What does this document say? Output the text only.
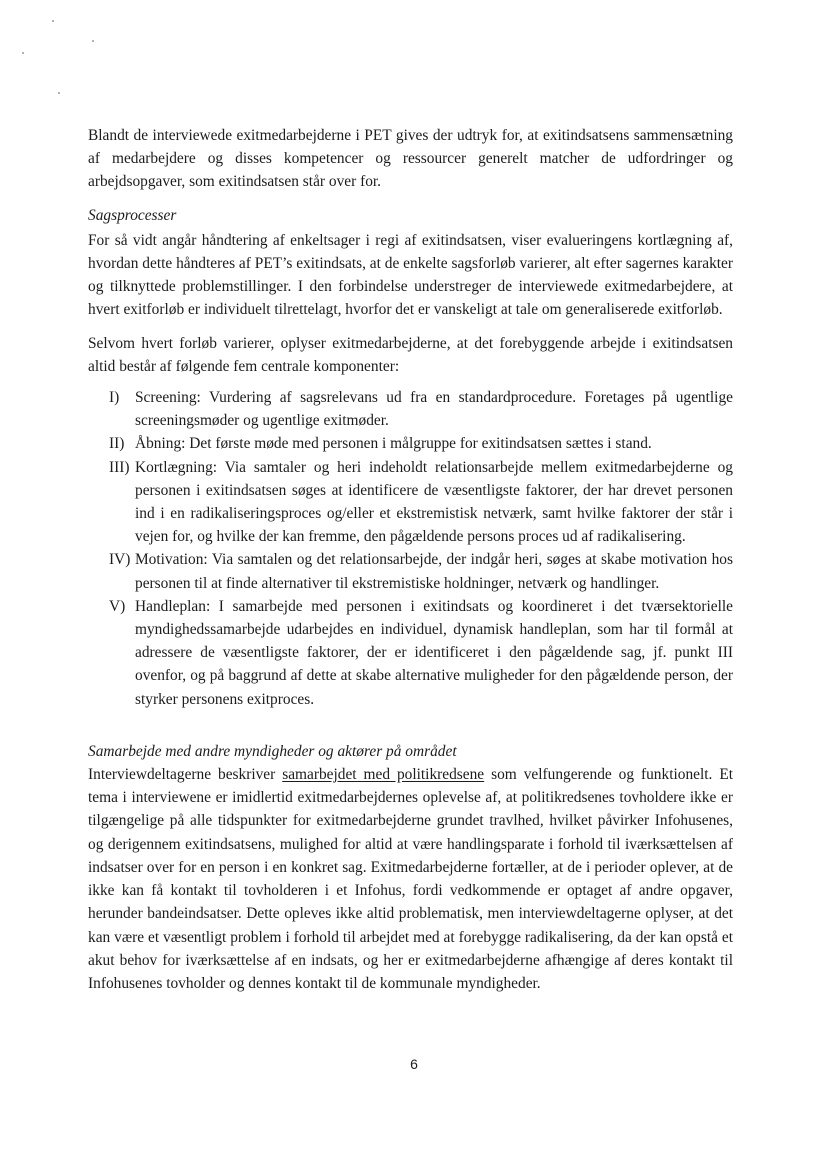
Blandt de interviewede exitmedarbejderne i PET gives der udtryk for, at exitindsatsens sammensætning af medarbejdere og disses kompetencer og ressourcer generelt matcher de udfordringer og arbejdsopgaver, som exitindsatsen står over for.

Sagsprocesser

For så vidt angår håndtering af enkeltsager i regi af exitindsatsen, viser evalueringens kortlægning af, hvordan dette håndteres af PET’s exitindsats, at de enkelte sagsforløb varierer, alt efter sagernes karakter og tilknyttede problemstillinger. I den forbindelse understreger de interviewede exitmedarbejdere, at hvert exitforløb er individuelt tilrettelagt, hvorfor det er vanskeligt at tale om generaliserede exitforløb.

Selvom hvert forløb varierer, oplyser exitmedarbejderne, at det forebyggende arbejde i exitindsatsen altid består af følgende fem centrale komponenter:

I) Screening: Vurdering af sagsrelevans ud fra en standardprocedure. Foretages på ugentlige screeningsmøder og ugentlige exitmøder.
II) Åbning: Det første møde med personen i målgruppe for exitindsatsen sættes i stand.
III) Kortlægning: Via samtaler og heri indeholdt relationsarbejde mellem exitmedarbejderne og personen i exitindsatsen søges at identificere de væsentligste faktorer, der har drevet personen ind i en radikaliseringsproces og/eller et ekstremistisk netværk, samt hvilke faktorer der står i vejen for, og hvilke der kan fremme, den pågældende persons proces ud af radikalisering.
IV) Motivation: Via samtalen og det relationsarbejde, der indgår heri, søges at skabe motivation hos personen til at finde alternativer til ekstremistiske holdninger, netværk og handlinger.
V) Handleplan: I samarbejde med personen i exitindsats og koordineret i det tværsektorielle myndighedssamarbejde udarbejdes en individuel, dynamisk handleplan, som har til formål at adressere de væsentligste faktorer, der er identificeret i den pågældende sag, jf. punkt III ovenfor, og på baggrund af dette at skabe alternative muligheder for den pågældende person, der styrker personens exitproces.

Samarbejde med andre myndigheder og aktører på området

Interviewdeltagerne beskriver samarbejdet med politikredsene som velfungerende og funktionelt. Et tema i interviewene er imidlertid exitmedarbejdernes oplevelse af, at politikredsenes tovholdere ikke er tilgængelige på alle tidspunkter for exitmedarbejderne grundet travlhed, hvilket påvirker Infohusenes, og derigennem exitindsatsens, mulighed for altid at være handlingsparate i forhold til iværksættelsen af indsatser over for en person i en konkret sag. Exitmedarbejderne fortæller, at de i perioder oplever, at de ikke kan få kontakt til tovholderen i et Infohus, fordi vedkommende er optaget af andre opgaver, herunder bandeindsatser. Dette opleves ikke altid problematisk, men interviewdeltagerne oplyser, at det kan være et væsentligt problem i forhold til arbejdet med at forebygge radikalisering, da der kan opstå et akut behov for iværksættelse af en indsats, og her er exitmedarbejderne afhængige af deres kontakt til Infohusenes tovholder og dennes kontakt til de kommunale myndigheder.

6
